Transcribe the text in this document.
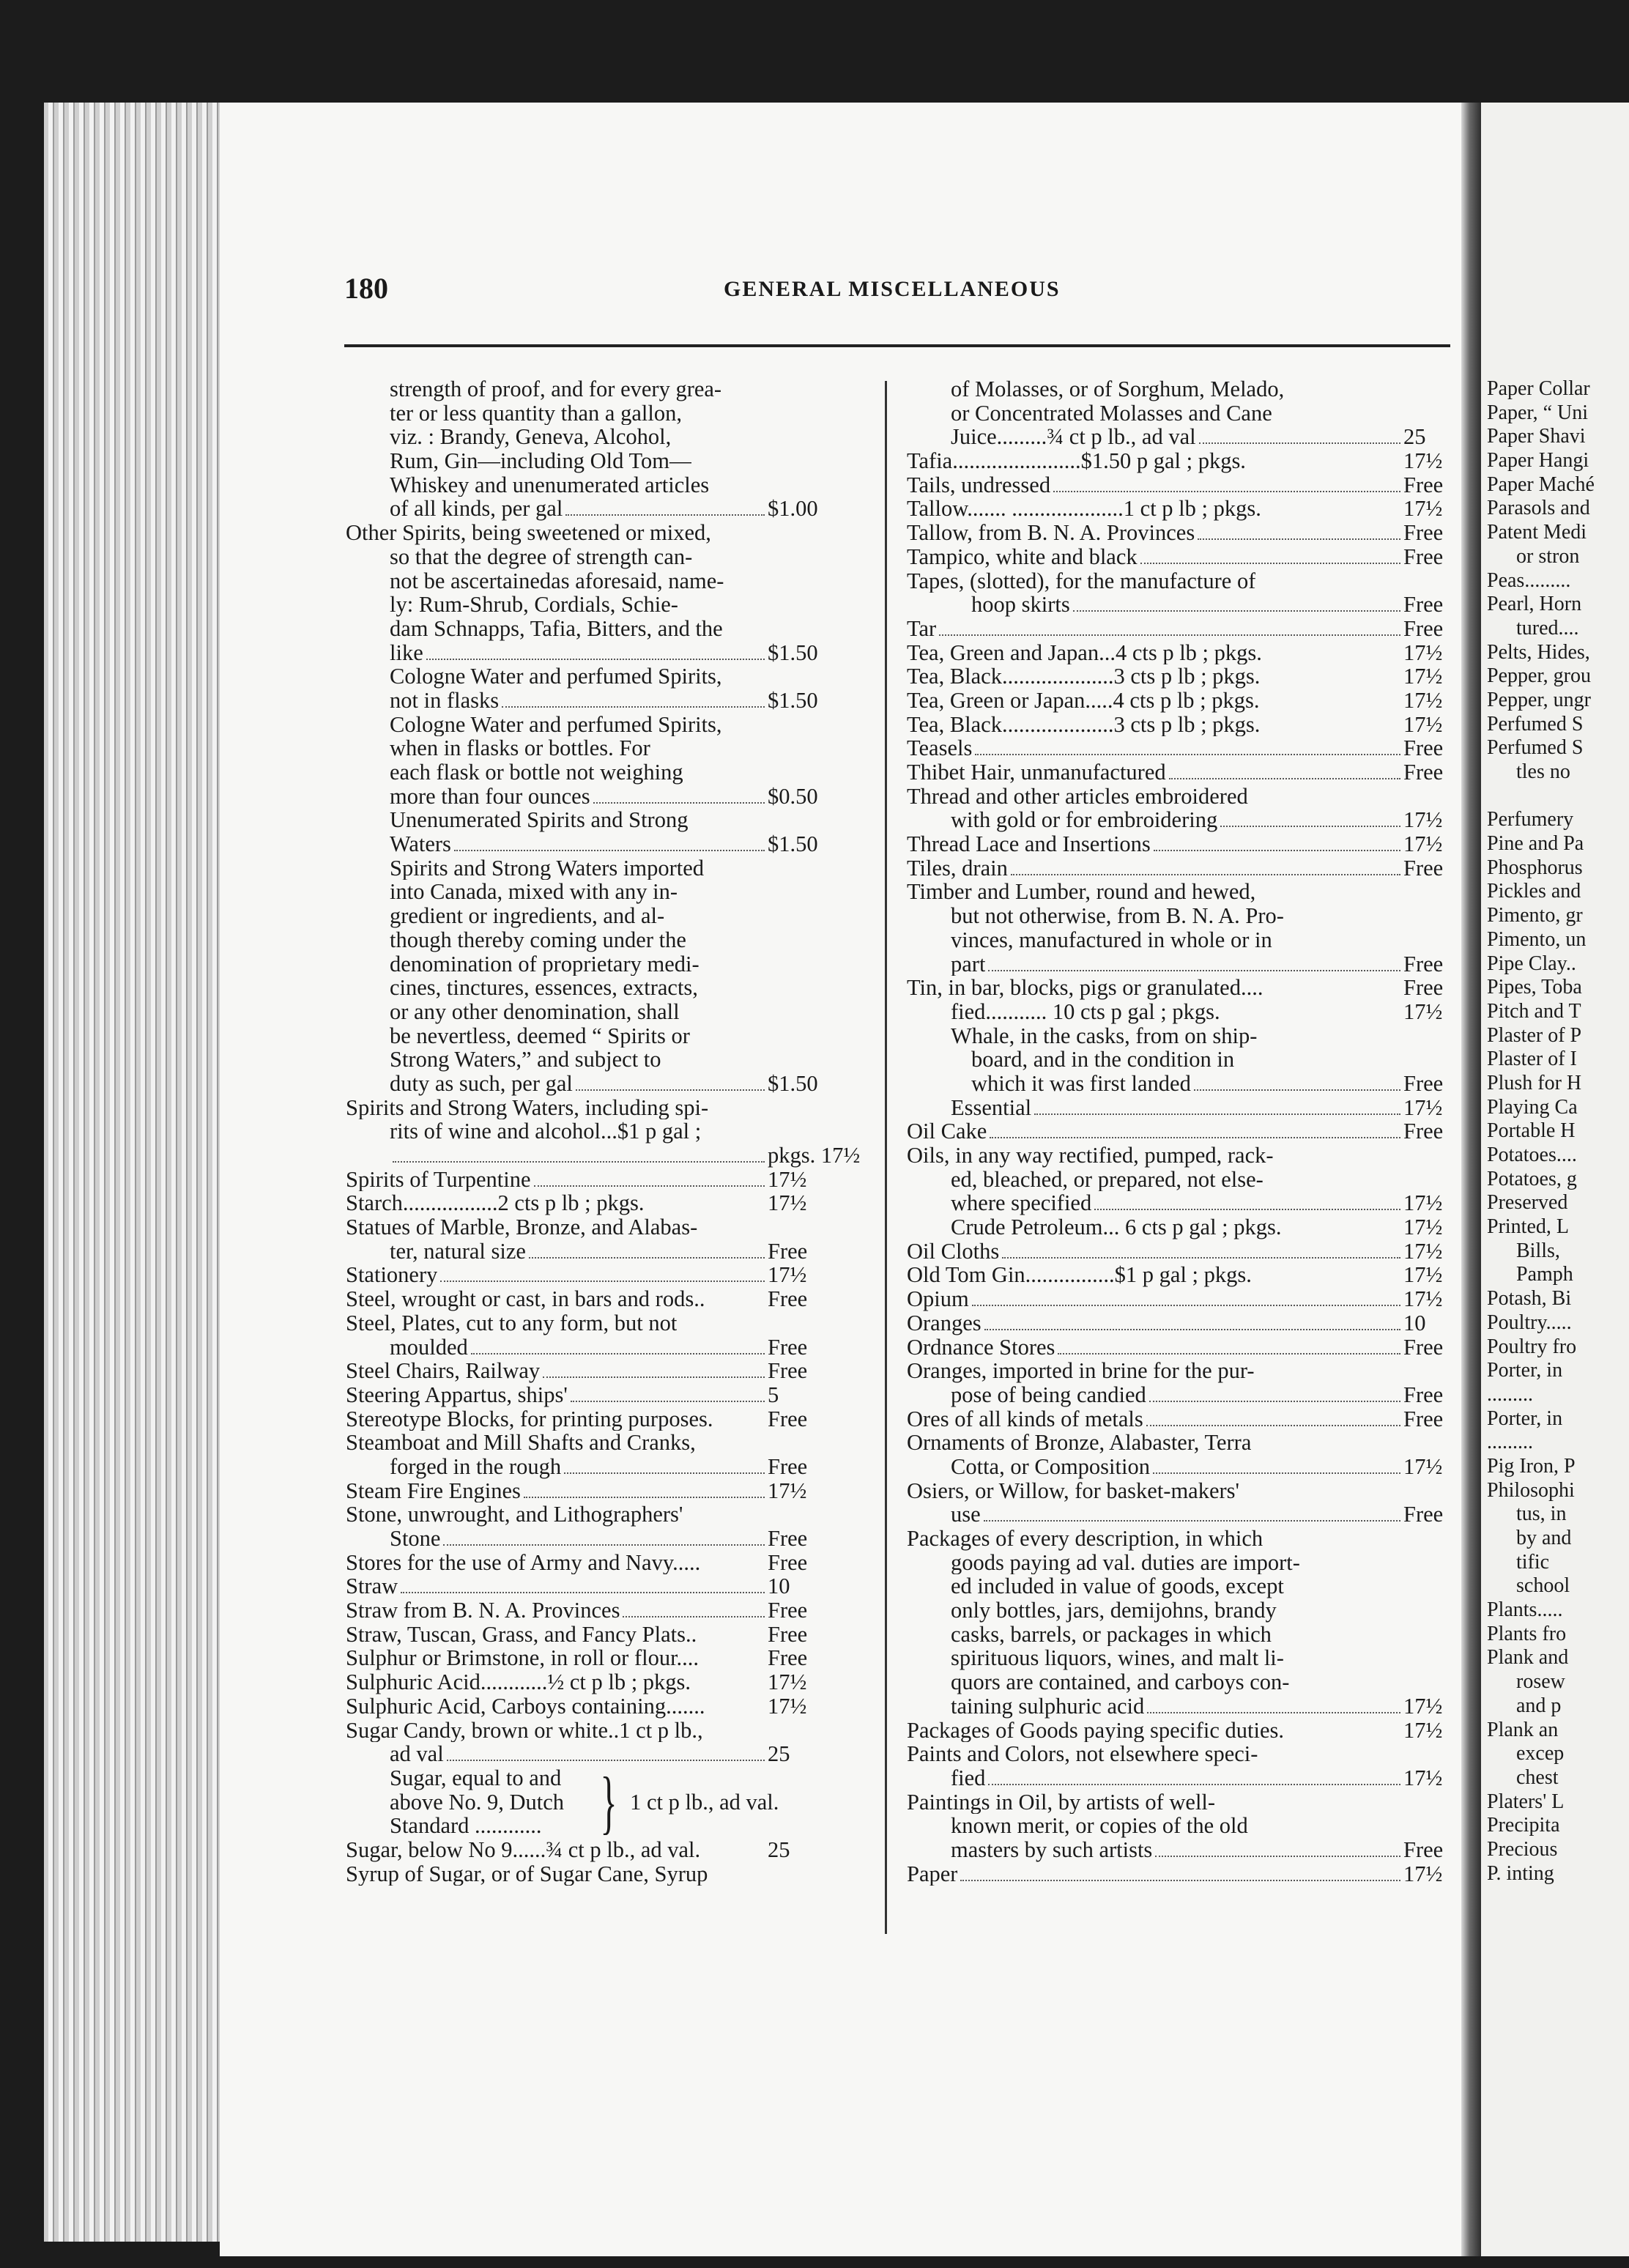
180	GENERAL MISCELLANEOUS
strength of proof, and for every grea-
ter or less quantity than a gallon,
viz. : Brandy, Geneva, Alcohol,
Rum, Gin—including Old Tom—
Whiskey and unenumerated articles
of all kinds, per gal	$1.00
Other Spirits, being sweetened or mixed,
so that the degree of strength can-
not be ascertainedas aforesaid, name-
ly: Rum-Shrub, Cordials, Schie-
dam Schnapps, Tafia, Bitters, and the
like	$1.50
Cologne Water and perfumed Spirits,
not in flasks	$1.50
Cologne Water and perfumed Spirits,
when in flasks or bottles. For
each flask or bottle not weighing
more than four ounces	$0.50
Unenumerated Spirits and Strong
Waters	$1.50
Spirits and Strong Waters imported
into Canada, mixed with any in-
gredient or ingredients, and al-
though thereby coming under the
denomination of proprietary medi-
cines, tinctures, essences, extracts,
or any other denomination, shall
be nevertless, deemed “ Spirits or
Strong Waters,” and subject to
duty as such, per gal	$1.50
Spirits and Strong Waters, including spi-
rits of wine and alcohol...$1 p gal ;
pkgs. 17½
Spirits of Turpentine	17½
Starch.................2 cts p lb ; pkgs.	17½
Statues of Marble, Bronze, and Alabas-
ter, natural size	Free
Stationery	17½
Steel, wrought or cast, in bars and rods..	Free
Steel, Plates, cut to any form, but not
moulded	Free
Steel Chairs, Railway	Free
Steering Appartus, ships'	5
Stereotype Blocks, for printing purposes. Free
Steamboat and Mill Shafts and Cranks,
forged in the rough	Free
Steam Fire Engines	17½
Stone, unwrought, and Lithographers'
Stone	Free
Stores for the use of Army and Navy.....	Free
Straw	10
Straw from B. N. A. Provinces	Free
Straw, Tuscan, Grass, and Fancy Plats..	Free
Sulphur or Brimstone, in roll or flour....	Free
Sulphuric Acid............½ ct p lb ; pkgs.	17½
Sulphuric Acid, Carboys containing.......	17½
Sugar Candy, brown or white..1 ct p lb.,
ad val	25
Sugar, equal to and
above No. 9, Dutch
Standard ............ } 1 ct p lb., ad val.
Sugar, below No 9......¾ ct p lb., ad val.	25
Syrup of Sugar, or of Sugar Cane, Syrup
of Molasses, or of Sorghum, Melado,
or Concentrated Molasses and Cane
Juice.........¾ ct p lb., ad val	25
Tafia.......................$1.50 p gal ; pkgs.	17½
Tails, undressed	Free
Tallow....... ....................1 ct p lb ; pkgs.	17½
Tallow, from B. N. A. Provinces	Free
Tampico, white and black	Free
Tapes, (slotted), for the manufacture of
hoop skirts	Free
Tar	Free
Tea, Green and Japan...4 cts p lb ; pkgs.	17½
Tea, Black....................3 cts p lb ; pkgs.	17½
Tea, Green or Japan.....4 cts p lb ; pkgs.	17½
Tea, Black....................3 cts p lb ; pkgs.	17½
Teasels	Free
Thibet Hair, unmanufactured	Free
Thread and other articles embroidered
with gold or for embroidering	17½
Thread Lace and Insertions	17½
Tiles, drain	Free
Timber and Lumber, round and hewed,
but not otherwise, from B. N. A. Pro-
vinces, manufactured in whole or in
part	Free
Tin, in bar, blocks, pigs or granulated....	Free
fied........... 10 cts p gal ; pkgs.	17½
Whale, in the casks, from on ship-
board, and in the condition in
which it was first landed	Free
Essential	17½
Oil Cake	Free
Oils, in any way rectified, pumped, rack-
ed, bleached, or prepared, not else-
where specified	17½
Crude Petroleum... 6 cts p gal ; pkgs.	17½
Oil Cloths	17½
Old Tom Gin................$1 p gal ; pkgs.	17½
Opium	17½
Oranges	10
Ordnance Stores	Free
Oranges, imported in brine for the pur-
pose of being candied	Free
Ores of all kinds of metals	Free
Ornaments of Bronze, Alabaster, Terra
Cotta, or Composition	17½
Osiers, or Willow, for basket-makers'
use	Free
Packages of every description, in which
goods paying ad val. duties are import-
ed included in value of goods, except
only bottles, jars, demijohns, brandy
casks, barrels, or packages in which
spirituous liquors, wines, and malt li-
quors are contained, and carboys con-
taining sulphuric acid	17½
Packages of Goods paying specific duties.	17½
Paints and Colors, not elsewhere speci-
fied	17½
Paintings in Oil, by artists of well-
known merit, or copies of the old
masters by such artists	Free
Paper	17½
Paper Collar
Paper, “ Uni
Paper Shavi
Paper Hangi
Paper Maché
Parasols and
Patent Medi
or stron
Peas.........
Pearl, Horn
tured....
Pelts, Hides,
Pepper, grou
Pepper, ungr
Perfumed S
Perfumed S
tles no
Perfumery
Pine and Pa
Phosphorus
Pickles and
Pimento, gr
Pimento, un
Pipe Clay..
Pipes, Toba
Pitch and T
Plaster of P
Plaster of I
Plush for H
Playing Ca
Portable H
Potatoes....
Potatoes, g
Preserved
Printed, L
Bills,
Pamph
Potash, Bi
Poultry.....
Poultry fro
Porter, in
.........
Porter, in
.........
Pig Iron, P
Philosophi
tus, in
by and
tific
school
Plants.....
Plants fro
Plank and
rosew
and p
Plank an
excep
chest
Platers' L
Precipita
Precious
P. inting
